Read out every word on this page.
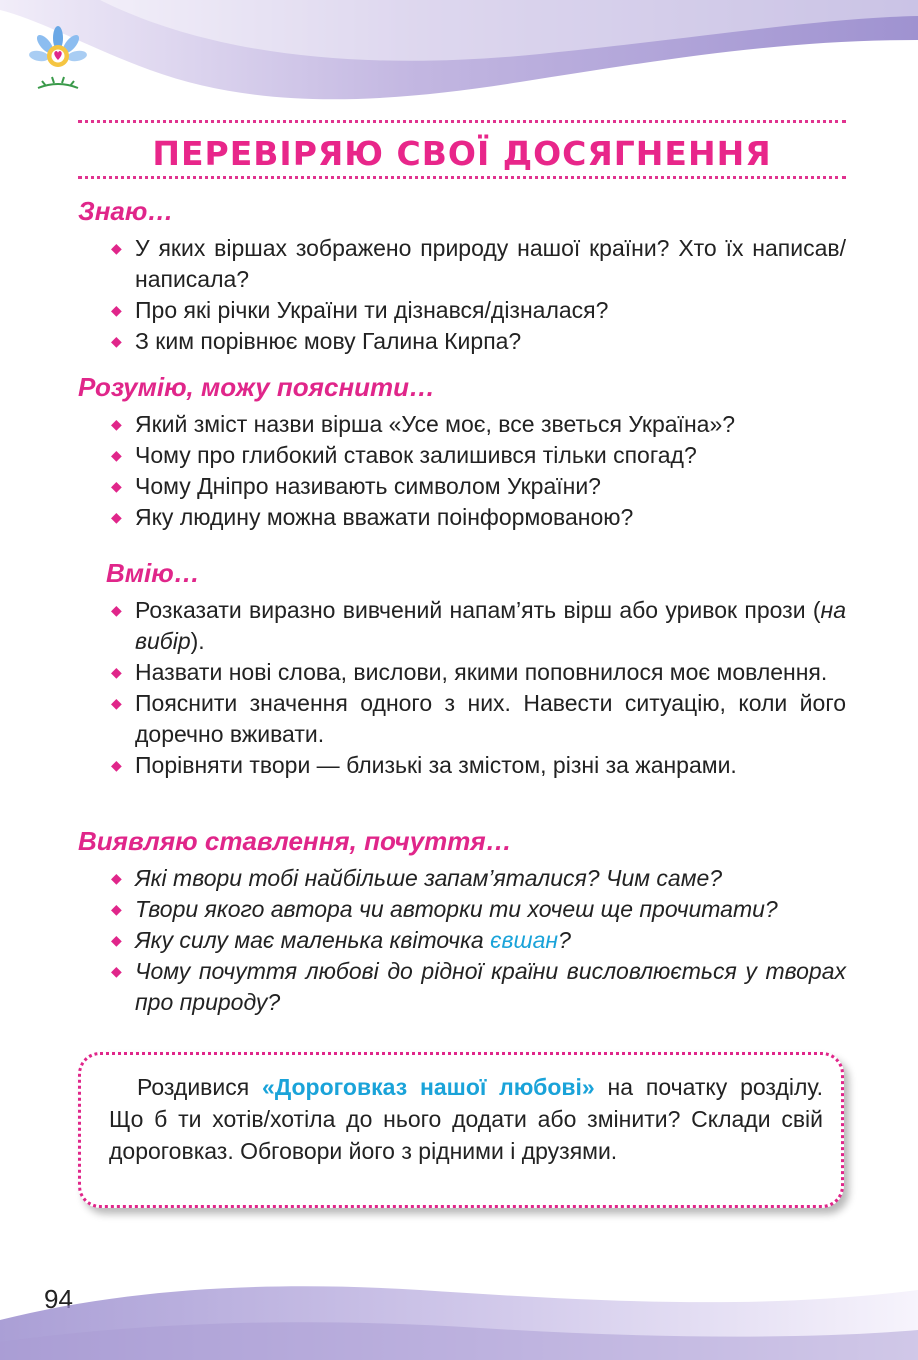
ПЕРЕВІРЯЮ СВОЇ ДОСЯГНЕННЯ
Знаю…
◆ У яких віршах зображено природу нашої країни? Хто їх написав/написала?
◆ Про які річки України ти дізнався/дізналася?
◆ З ким порівнює мову Галина Кирпа?
Розумію, можу пояснити…
◆ Який зміст назви вірша «Усе моє, все зветься Україна»?
◆ Чому про глибокий ставок залишився тільки спогад?
◆ Чому Дніпро називають символом України?
◆ Яку людину можна вважати поінформованою?
Вмію…
◆ Розказати виразно вивчений напам’ять вірш або уривок прози (на вибір).
◆ Назвати нові слова, вислови, якими поповнилося моє мовлення.
◆ Пояснити значення одного з них. Навести ситуацію, коли його доречно вживати.
◆ Порівняти твори — близькі за змістом, різні за жанрами.
Виявляю ставлення, почуття…
◆ Які твори тобі найбільше запам’яталися? Чим саме?
◆ Твори якого автора чи авторки ти хочеш ще прочитати?
◆ Яку силу має маленька квіточка євшан?
◆ Чому почуття любові до рідної країни висловлюється у творах про природу?
Роздивися «Дороговказ нашої любові» на початку розділу. Що б ти хотів/хотіла до нього додати або змінити? Склади свій дороговказ. Обговори його з рідними і друзями.
94
